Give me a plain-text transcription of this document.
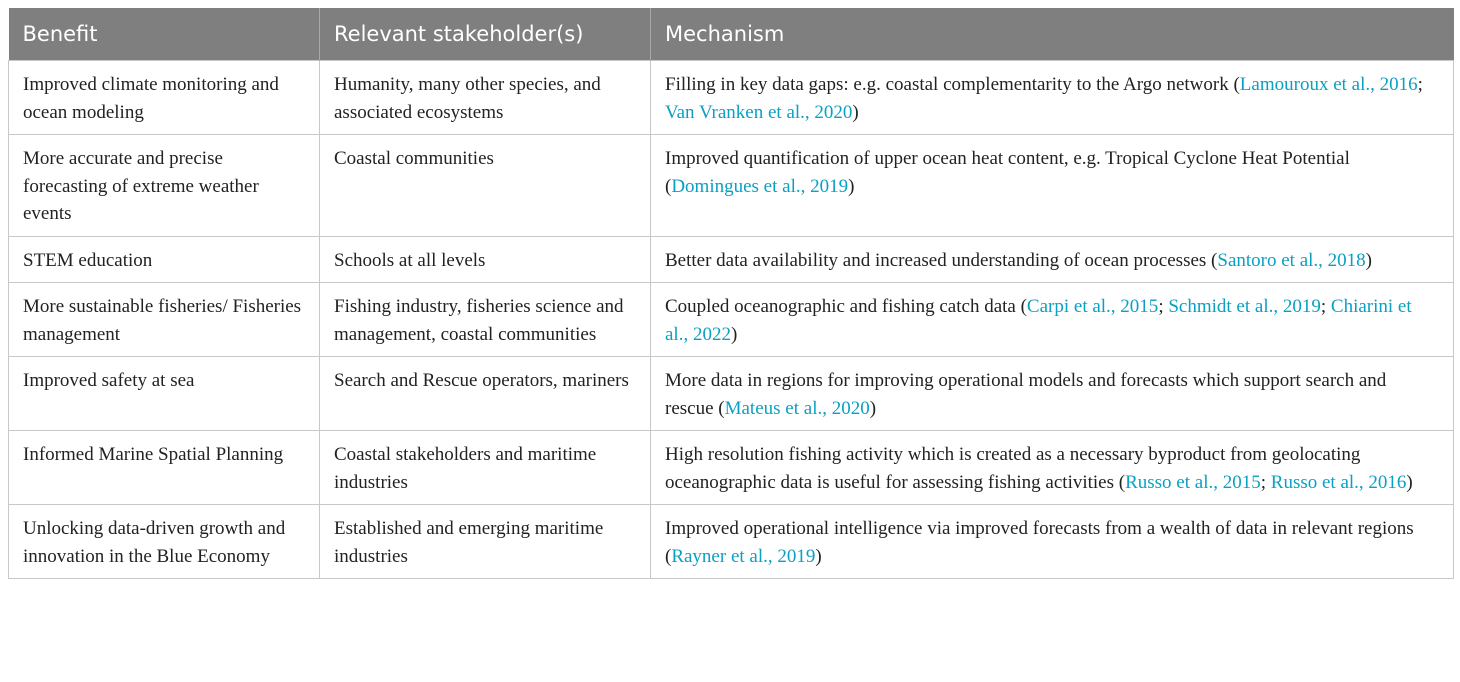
Benefit	Relevant stakeholder(s)	Mechanism
Improved climate monitoring and ocean modeling	Humanity, many other species, and associated ecosystems	Filling in key data gaps: e.g. coastal complementarity to the Argo network (Lamouroux et al., 2016; Van Vranken et al., 2020)
More accurate and precise forecasting of extreme weather events	Coastal communities	Improved quantification of upper ocean heat content, e.g. Tropical Cyclone Heat Potential (Domingues et al., 2019)
STEM education	Schools at all levels	Better data availability and increased understanding of ocean processes (Santoro et al., 2018)
More sustainable fisheries/ Fisheries management	Fishing industry, fisheries science and management, coastal communities	Coupled oceanographic and fishing catch data (Carpi et al., 2015; Schmidt et al., 2019; Chiarini et al., 2022)
Improved safety at sea	Search and Rescue operators, mariners	More data in regions for improving operational models and forecasts which support search and rescue (Mateus et al., 2020)
Informed Marine Spatial Planning	Coastal stakeholders and maritime industries	High resolution fishing activity which is created as a necessary byproduct from geolocating oceanographic data is useful for assessing fishing activities (Russo et al., 2015; Russo et al., 2016)
Unlocking data-driven growth and innovation in the Blue Economy	Established and emerging maritime industries	Improved operational intelligence via improved forecasts from a wealth of data in relevant regions (Rayner et al., 2019)
